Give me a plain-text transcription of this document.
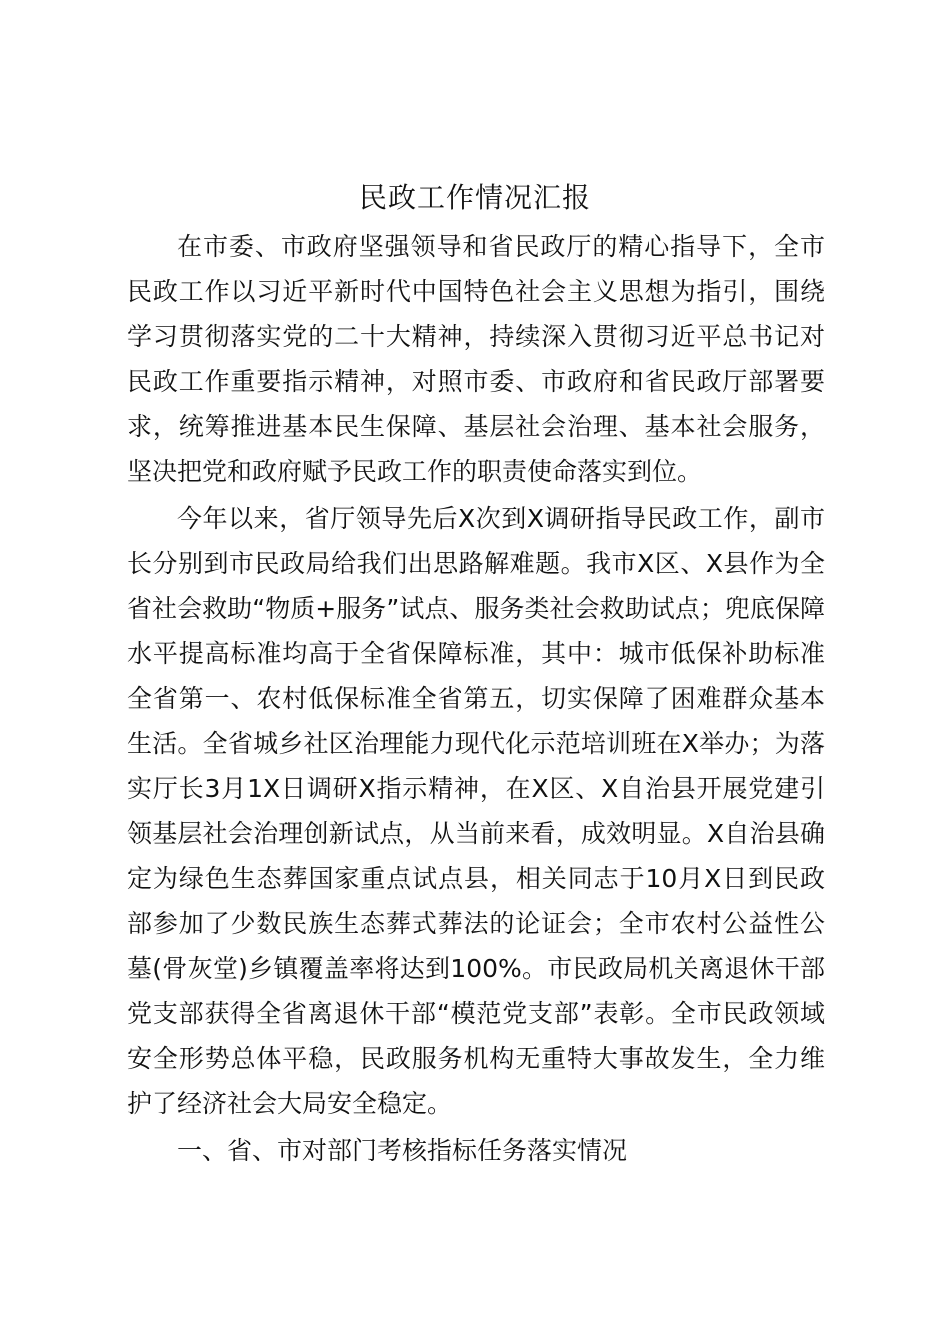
民政工作情况汇报

在市委、市政府坚强领导和省民政厅的精心指导下，全市民政工作以习近平新时代中国特色社会主义思想为指引，围绕学习贯彻落实党的二十大精神，持续深入贯彻习近平总书记对民政工作重要指示精神，对照市委、市政府和省民政厅部署要求，统筹推进基本民生保障、基层社会治理、基本社会服务，坚决把党和政府赋予民政工作的职责使命落实到位。

今年以来，省厅领导先后X次到X调研指导民政工作，副市长分别到市民政局给我们出思路解难题。我市X区、X县作为全省社会救助“物质+服务”试点、服务类社会救助试点；兜底保障水平提高标准均高于全省保障标准，其中：城市低保补助标准全省第一、农村低保标准全省第五，切实保障了困难群众基本生活。全省城乡社区治理能力现代化示范培训班在X举办；为落实厅长3月1X日调研X指示精神，在X区、X自治县开展党建引领基层社会治理创新试点，从当前来看，成效明显。X自治县确定为绿色生态葬国家重点试点县，相关同志于10月X日到民政部参加了少数民族生态葬式葬法的论证会；全市农村公益性公墓(骨灰堂)乡镇覆盖率将达到100%。市民政局机关离退休干部党支部获得全省离退休干部“模范党支部”表彰。全市民政领域安全形势总体平稳，民政服务机构无重特大事故发生，全力维护了经济社会大局安全稳定。

一、省、市对部门考核指标任务落实情况
